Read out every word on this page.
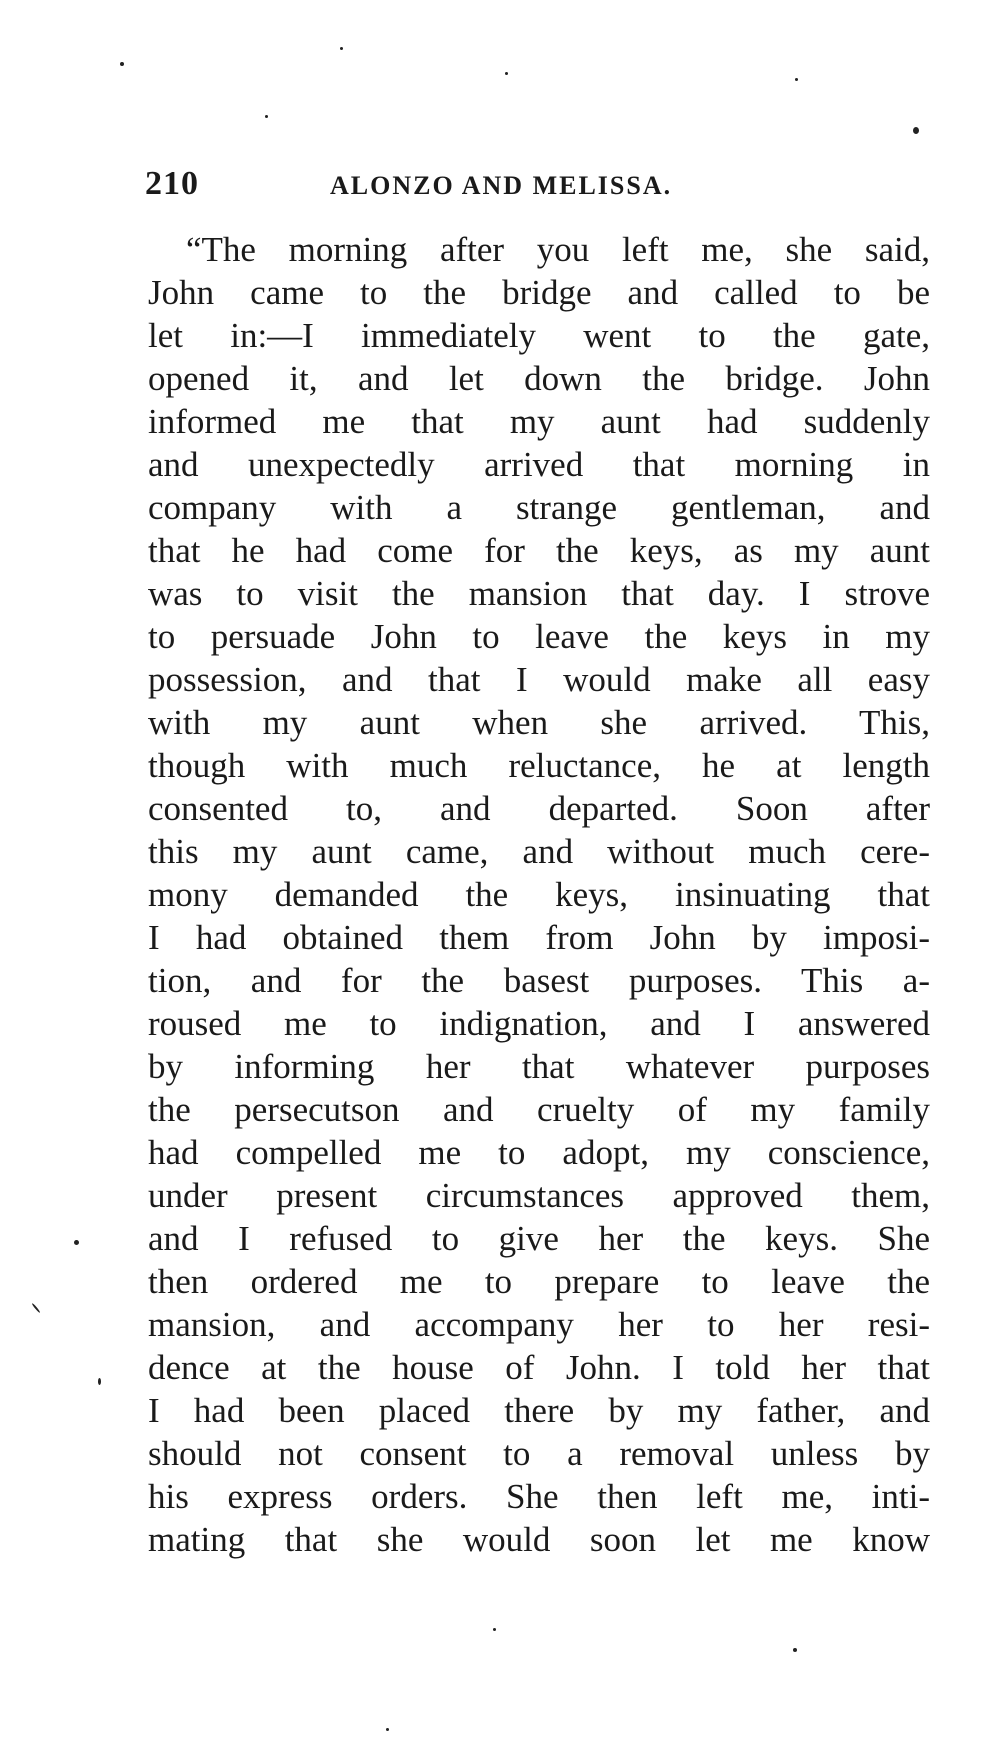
210	ALONZO AND MELISSA.
“The morning after you left me, she said,
John came to the bridge and called to be
let in:—I immediately went to the gate,
opened it, and let down the bridge. John
informed me that my aunt had suddenly
and unexpectedly arrived that morning in
company with a strange gentleman, and
that he had come for the keys, as my aunt
was to visit the mansion that day. I strove
to persuade John to leave the keys in my
possession, and that I would make all easy
with my aunt when she arrived. This,
though with much reluctance, he at length
consented to, and departed. Soon after
this my aunt came, and without much cere-
mony demanded the keys, insinuating that
I had obtained them from John by imposi-
tion, and for the basest purposes. This a-
roused me to indignation, and I answered
by informing her that whatever purposes
the persecutson and cruelty of my family
had compelled me to adopt, my conscience,
under present circumstances approved them,
and I refused to give her the keys. She
then ordered me to prepare to leave the
mansion, and accompany her to her resi-
dence at the house of John. I told her that
I had been placed there by my father, and
should not consent to a removal unless by
his express orders. She then left me, inti-
mating that she would soon let me know
